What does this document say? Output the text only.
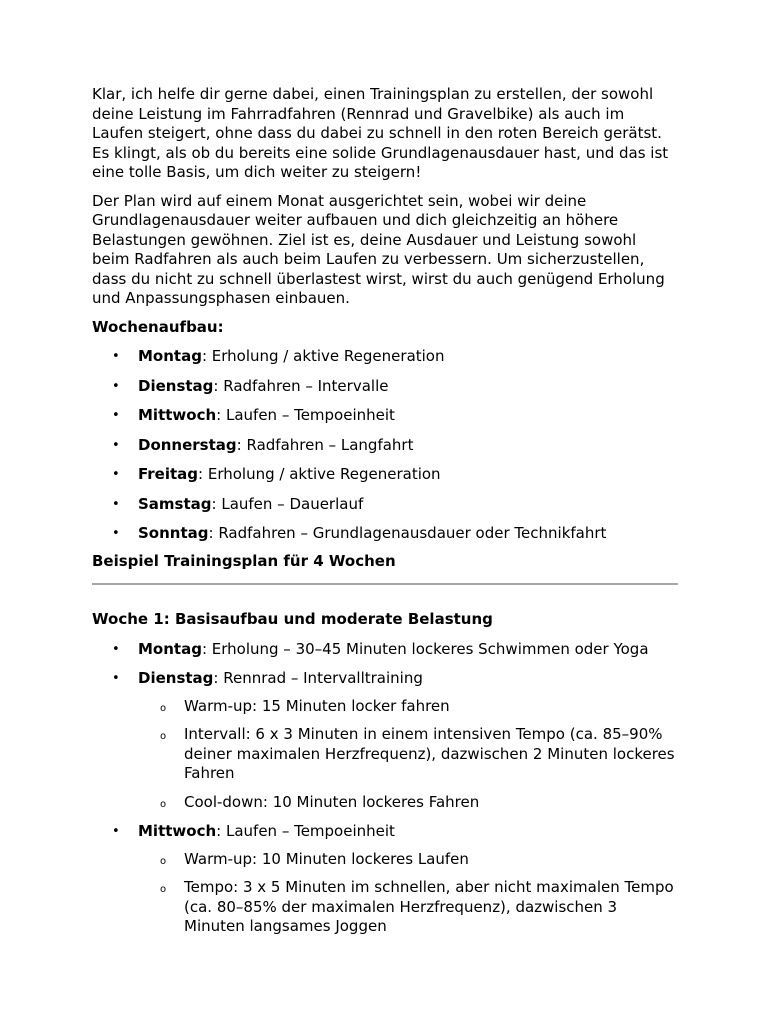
Klar, ich helfe dir gerne dabei, einen Trainingsplan zu erstellen, der sowohl deine Leistung im Fahrradfahren (Rennrad und Gravelbike) als auch im Laufen steigert, ohne dass du dabei zu schnell in den roten Bereich gerätst. Es klingt, als ob du bereits eine solide Grundlagenausdauer hast, und das ist eine tolle Basis, um dich weiter zu steigern!

Der Plan wird auf einem Monat ausgerichtet sein, wobei wir deine Grundlagenausdauer weiter aufbauen und dich gleichzeitig an höhere Belastungen gewöhnen. Ziel ist es, deine Ausdauer und Leistung sowohl beim Radfahren als auch beim Laufen zu verbessern. Um sicherzustellen, dass du nicht zu schnell überlastest wirst, wirst du auch genügend Erholung und Anpassungsphasen einbauen.

Wochenaufbau:
• Montag: Erholung / aktive Regeneration
• Dienstag: Radfahren – Intervalle
• Mittwoch: Laufen – Tempoeinheit
• Donnerstag: Radfahren – Langfahrt
• Freitag: Erholung / aktive Regeneration
• Samstag: Laufen – Dauerlauf
• Sonntag: Radfahren – Grundlagenausdauer oder Technikfahrt
Beispiel Trainingsplan für 4 Wochen
Woche 1: Basisaufbau und moderate Belastung
• Montag: Erholung – 30–45 Minuten lockeres Schwimmen oder Yoga
• Dienstag: Rennrad – Intervalltraining
o Warm-up: 15 Minuten locker fahren
o Intervall: 6 x 3 Minuten in einem intensiven Tempo (ca. 85–90% deiner maximalen Herzfrequenz), dazwischen 2 Minuten lockeres Fahren
o Cool-down: 10 Minuten lockeres Fahren
• Mittwoch: Laufen – Tempoeinheit
o Warm-up: 10 Minuten lockeres Laufen
o Tempo: 3 x 5 Minuten im schnellen, aber nicht maximalen Tempo (ca. 80–85% der maximalen Herzfrequenz), dazwischen 3 Minuten langsames Joggen
